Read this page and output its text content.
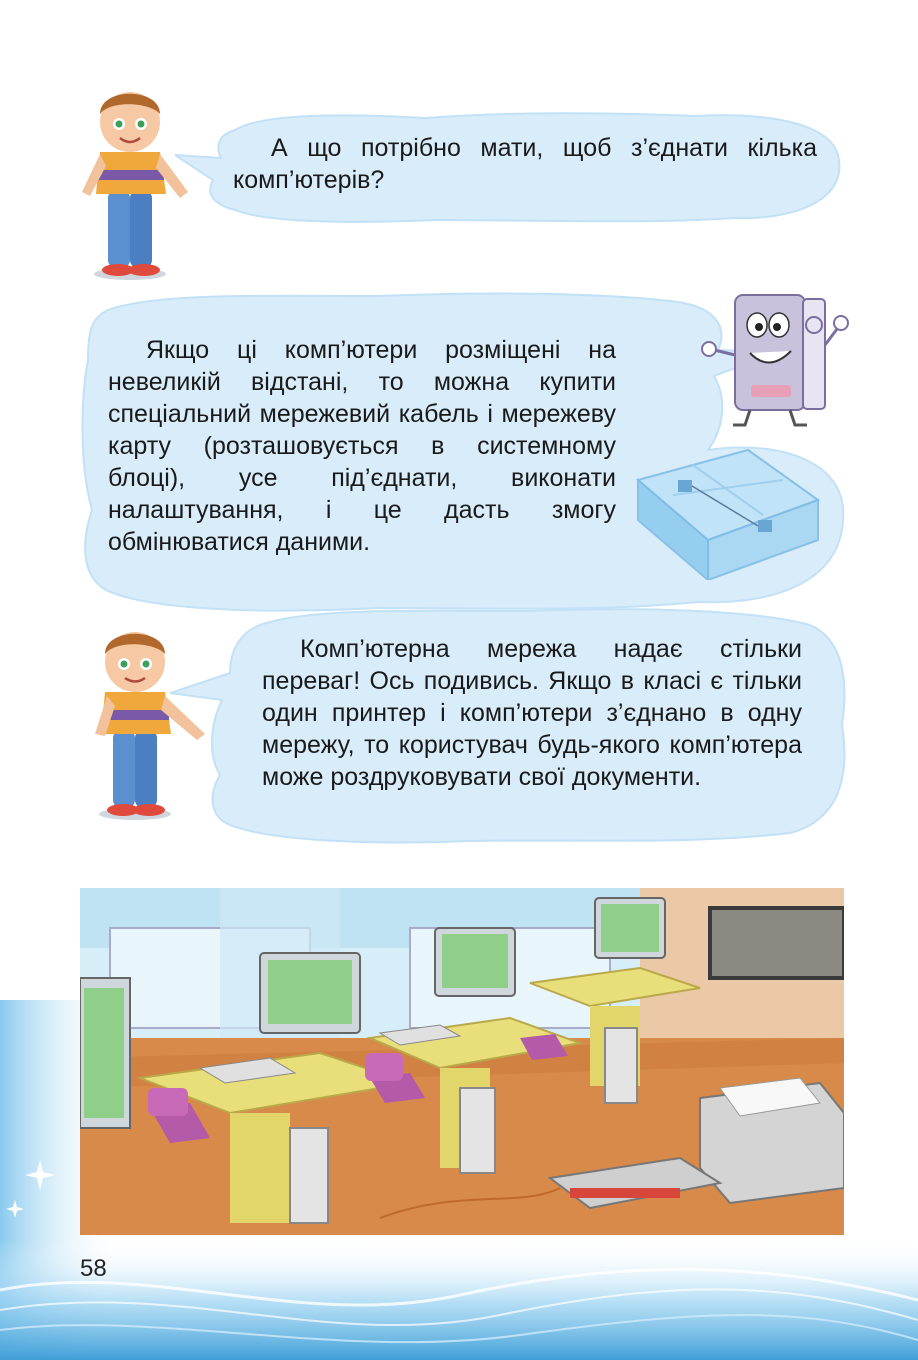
А що потрібно мати, щоб з’єднати кілька комп’ютерів?

Якщо ці комп’ютери розміщені на невеликій відстані, то можна купити спеціальний мережевий кабель і мережеву карту (розташовується в системному блоці), усе під’єднати, виконати налаштування, і це дасть змогу обмінюватися даними.

Комп’ютерна мережа надає стільки переваг! Ось подивись. Якщо в класі є тільки один принтер і комп’ютери з’єднано в одну мережу, то користувач будь-якого комп’ютера може роздруковувати свої документи.

58
